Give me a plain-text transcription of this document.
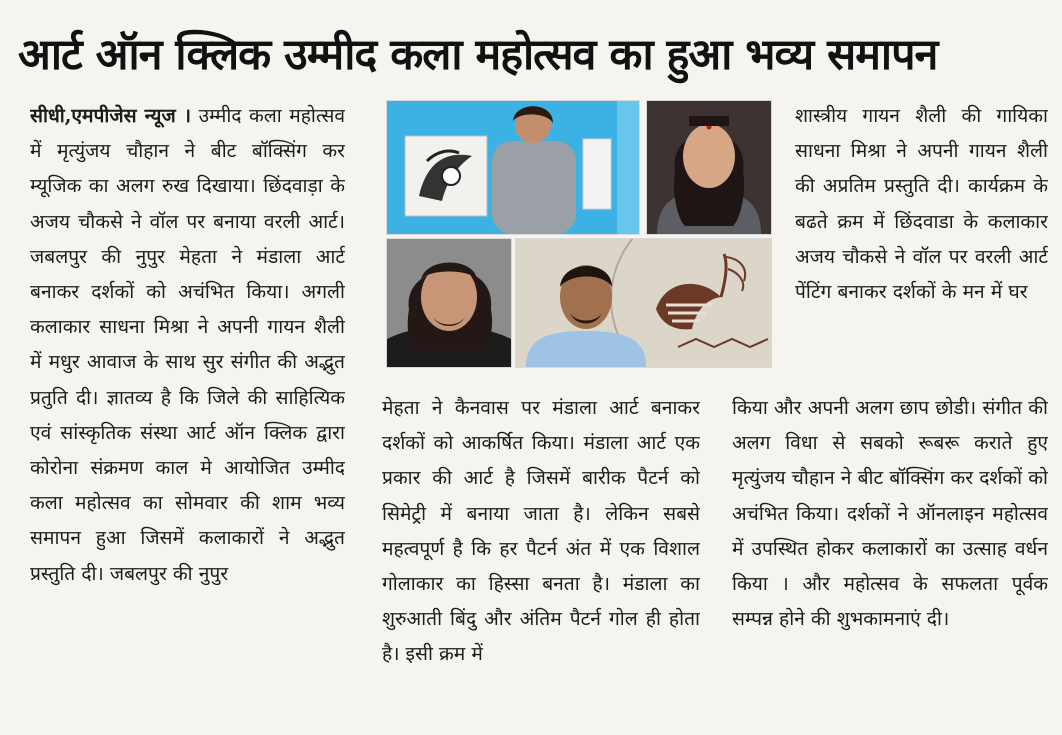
आर्ट ऑन क्लिक उम्मीद कला महोत्सव का हुआ भव्य समापन
सीधी,एमपीजेस न्यूज । उम्मीद कला महोत्सव में मृत्युंजय चौहान ने बीट बॉक्सिंग कर म्यूजिक का अलग रुख दिखाया। छिंदवाड़ा के अजय चौकसे ने वॉल पर बनाया वरली आर्ट।जबलपुर की नुपुर मेहता ने मंडाला आर्ट बनाकर दर्शकों को अचंभित किया। अगली कलाकार साधना मिश्रा ने अपनी गायन शैली में मधुर आवाज के साथ सुर संगीत की अद्भुत प्रतुति दी। ज्ञातव्य है कि जिले की साहित्यिक एवं सांस्कृतिक संस्था आर्ट ऑन क्लिक द्वारा कोरोना संक्रमण काल मे आयोजित उम्मीद कला महोत्सव का सोमवार की शाम भव्य समापन हुआ जिसमें कलाकारों ने अद्भुत प्रस्तुति दी। जबलपुर की नुपुर
शास्त्रीय गायन शैली की गायिका साधना मिश्रा ने अपनी गायन शैली की अप्रतिम प्रस्तुति दी। कार्यक्रम के बढते क्रम में छिंदवाडा के कलाकार अजय चौकसे ने वॉल पर वरली आर्ट पेंटिंग बनाकर दर्शकों के मन में घर
मेहता ने कैनवास पर मंडाला आर्ट बनाकर दर्शकों को आकर्षित किया। मंडाला आर्ट एक प्रकार की आर्ट है जिसमें बारीक पैटर्न को सिमेट्री में बनाया जाता है। लेकिन सबसे महत्वपूर्ण है कि हर पैटर्न अंत में एक विशाल गोलाकार का हिस्सा बनता है। मंडाला का शुरुआती बिंदु और अंतिम पैटर्न गोल ही होता है। इसी क्रम में
किया और अपनी अलग छाप छोडी। संगीत की अलग विधा से सबको रूबरू कराते हुए मृत्युंजय चौहान ने बीट बॉक्सिंग कर दर्शकों को अचंभित किया। दर्शकों ने ऑनलाइन महोत्सव में उपस्थित होकर कलाकारों का उत्साह वर्धन किया । और महोत्सव के सफलता पूर्वक सम्पन्न होने की शुभकामनाएं दी।
